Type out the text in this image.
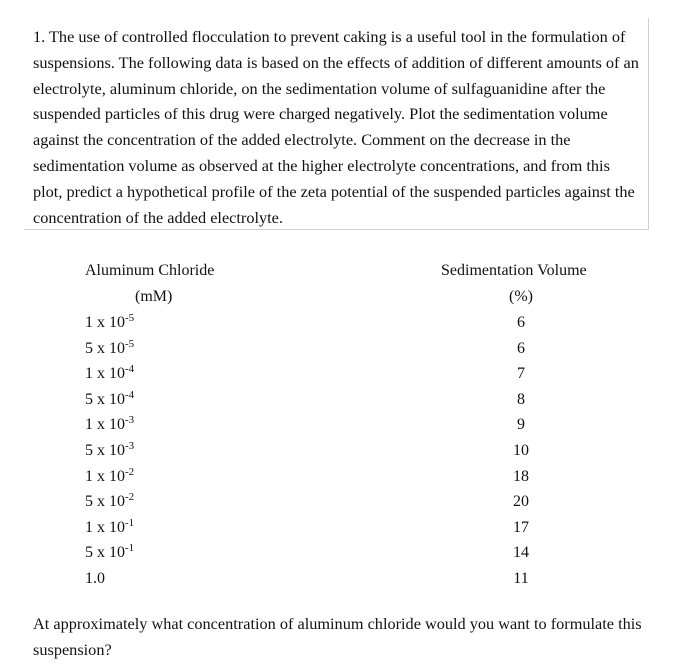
1. The use of controlled flocculation to prevent caking is a useful tool in the formulation of suspensions. The following data is based on the effects of addition of different amounts of an electrolyte, aluminum chloride, on the sedimentation volume of sulfaguanidine after the suspended particles of this drug were charged negatively. Plot the sedimentation volume against the concentration of the added electrolyte. Comment on the decrease in the sedimentation volume as observed at the higher electrolyte concentrations, and from this plot, predict a hypothetical profile of the zeta potential of the suspended particles against the concentration of the added electrolyte.

Aluminum Chloride
(mM)
1 x $10^{-5}$
5 x $10^{-5}$
1 x $10^{-4}$
5 x $10^{-4}$
1 x $10^{-3}$
5 x $10^{-3}$
1 x $10^{-2}$
5 x $10^{-2}$
1 x $10^{-1}$
5 x $10^{-1}$
1.0
Sedimentation Volume
(%)
6
6
7
8
9
10
18
20
17
14
11

At approximately what concentration of aluminum chloride would you want to formulate this suspension?
